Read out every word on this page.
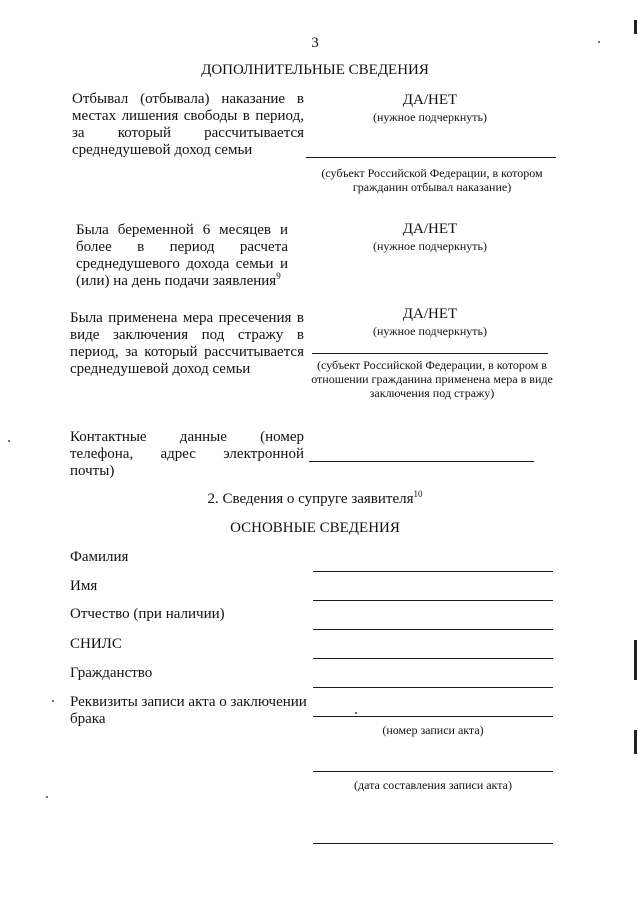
3
ДОПОЛНИТЕЛЬНЫЕ СВЕДЕНИЯ
Отбывал (отбывала) наказание в
местах лишения свободы в период,
за который рассчитывается
среднедушевой доход семьи
ДА/НЕТ
(нужное подчеркнуть)
(субъект Российской Федерации, в котором гражданин отбывал наказание)
Была беременной 6 месяцев и
более в период расчета
среднедушевого дохода семьи и
(или) на день подачи заявления$^9$
ДА/НЕТ
(нужное подчеркнуть)
Была применена мера пресечения в
виде заключения под стражу в
период, за который рассчитывается
среднедушевой доход семьи
ДА/НЕТ
(нужное подчеркнуть)
(субъект Российской Федерации, в котором в отношении гражданина применена мера в виде заключения под стражу)
Контактные данные (номер
телефона, адрес электронной
почты)
2. Сведения о супруге заявителя$^{10}$
ОСНОВНЫЕ СВЕДЕНИЯ
Фамилия
Имя
Отчество (при наличии)
СНИЛС
Гражданство
Реквизиты записи акта о заключении брака
(номер записи акта)
(дата составления записи акта)
